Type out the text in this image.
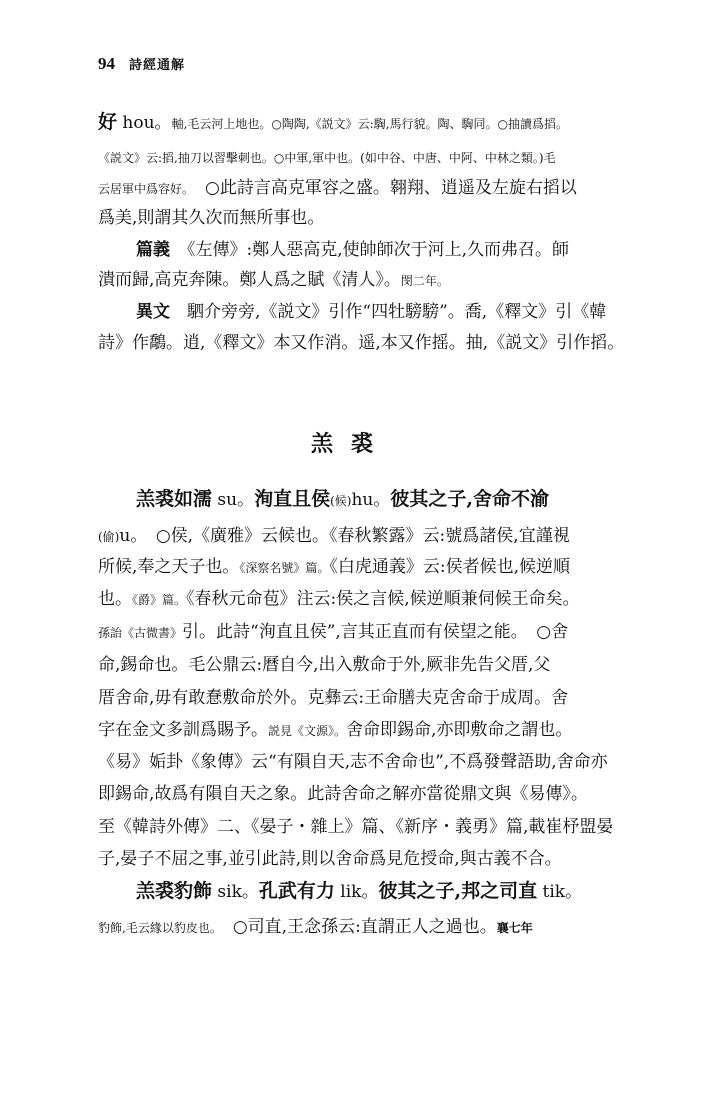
94 詩經通解
羔裘
好 hou。軸,毛云河上地也。○陶陶,《説文》云:騊,馬行貌。陶、騊同。○抽讀爲搯。
《説文》云:搯,抽刀以習擊刺也。○中軍,軍中也。(如中谷、中唐、中阿、中林之類。)毛
云居軍中爲容好。　○此詩言高克軍容之盛。翱翔、逍遥及左旋右搯以
爲美,則謂其久次而無所事也。
篇義　《左傳》:鄭人惡高克,使帥師次于河上,久而弗召。師
潰而歸,高克奔陳。鄭人爲之賦《清人》。閔二年。
異文　駟介旁旁,《説文》引作“四牡騯騯”。喬,《釋文》引《韓
詩》作鷮。逍,《釋文》本又作消。遥,本又作摇。抽,《説文》引作搯。
羔裘如濡 su。洵直且侯(候)hu。彼其之子,舍命不渝
(偷)u。　○侯,《廣雅》云候也。《春秋繁露》云:號爲諸侯,宜謹視
所候,奉之天子也。《深察名號》篇。《白虎通義》云:侯者候也,候逆順
也。《爵》篇。《春秋元命苞》注云:侯之言候,候逆順兼伺候王命矣。
孫詒《古微書》引。此詩“洵直且侯”,言其正直而有侯望之能。　○舍
命,錫命也。毛公鼎云:曆自今,出入敷命于外,厥非先告父厝,父
厝舍命,毋有敢惷敷命於外。克彝云:王命膳夫克舍命于成周。舍
字在金文多訓爲賜予。説見《文源》。舍命即錫命,亦即敷命之謂也。
《易》姤卦《象傳》云“有隕自天,志不舍命也”,不爲發聲語助,舍命亦
即錫命,故爲有隕自天之象。此詩舍命之解亦當從鼎文與《易傳》。
至《韓詩外傳》二、《晏子・雜上》篇、《新序・義勇》篇,載崔杼盟晏
子,晏子不屈之事,並引此詩,則以舍命爲見危授命,與古義不合。
羔裘豹飾 sik。孔武有力 lik。彼其之子,邦之司直 tik。
豹飾,毛云緣以豹皮也。　○司直,王念孫云:直謂正人之過也。襄七年
